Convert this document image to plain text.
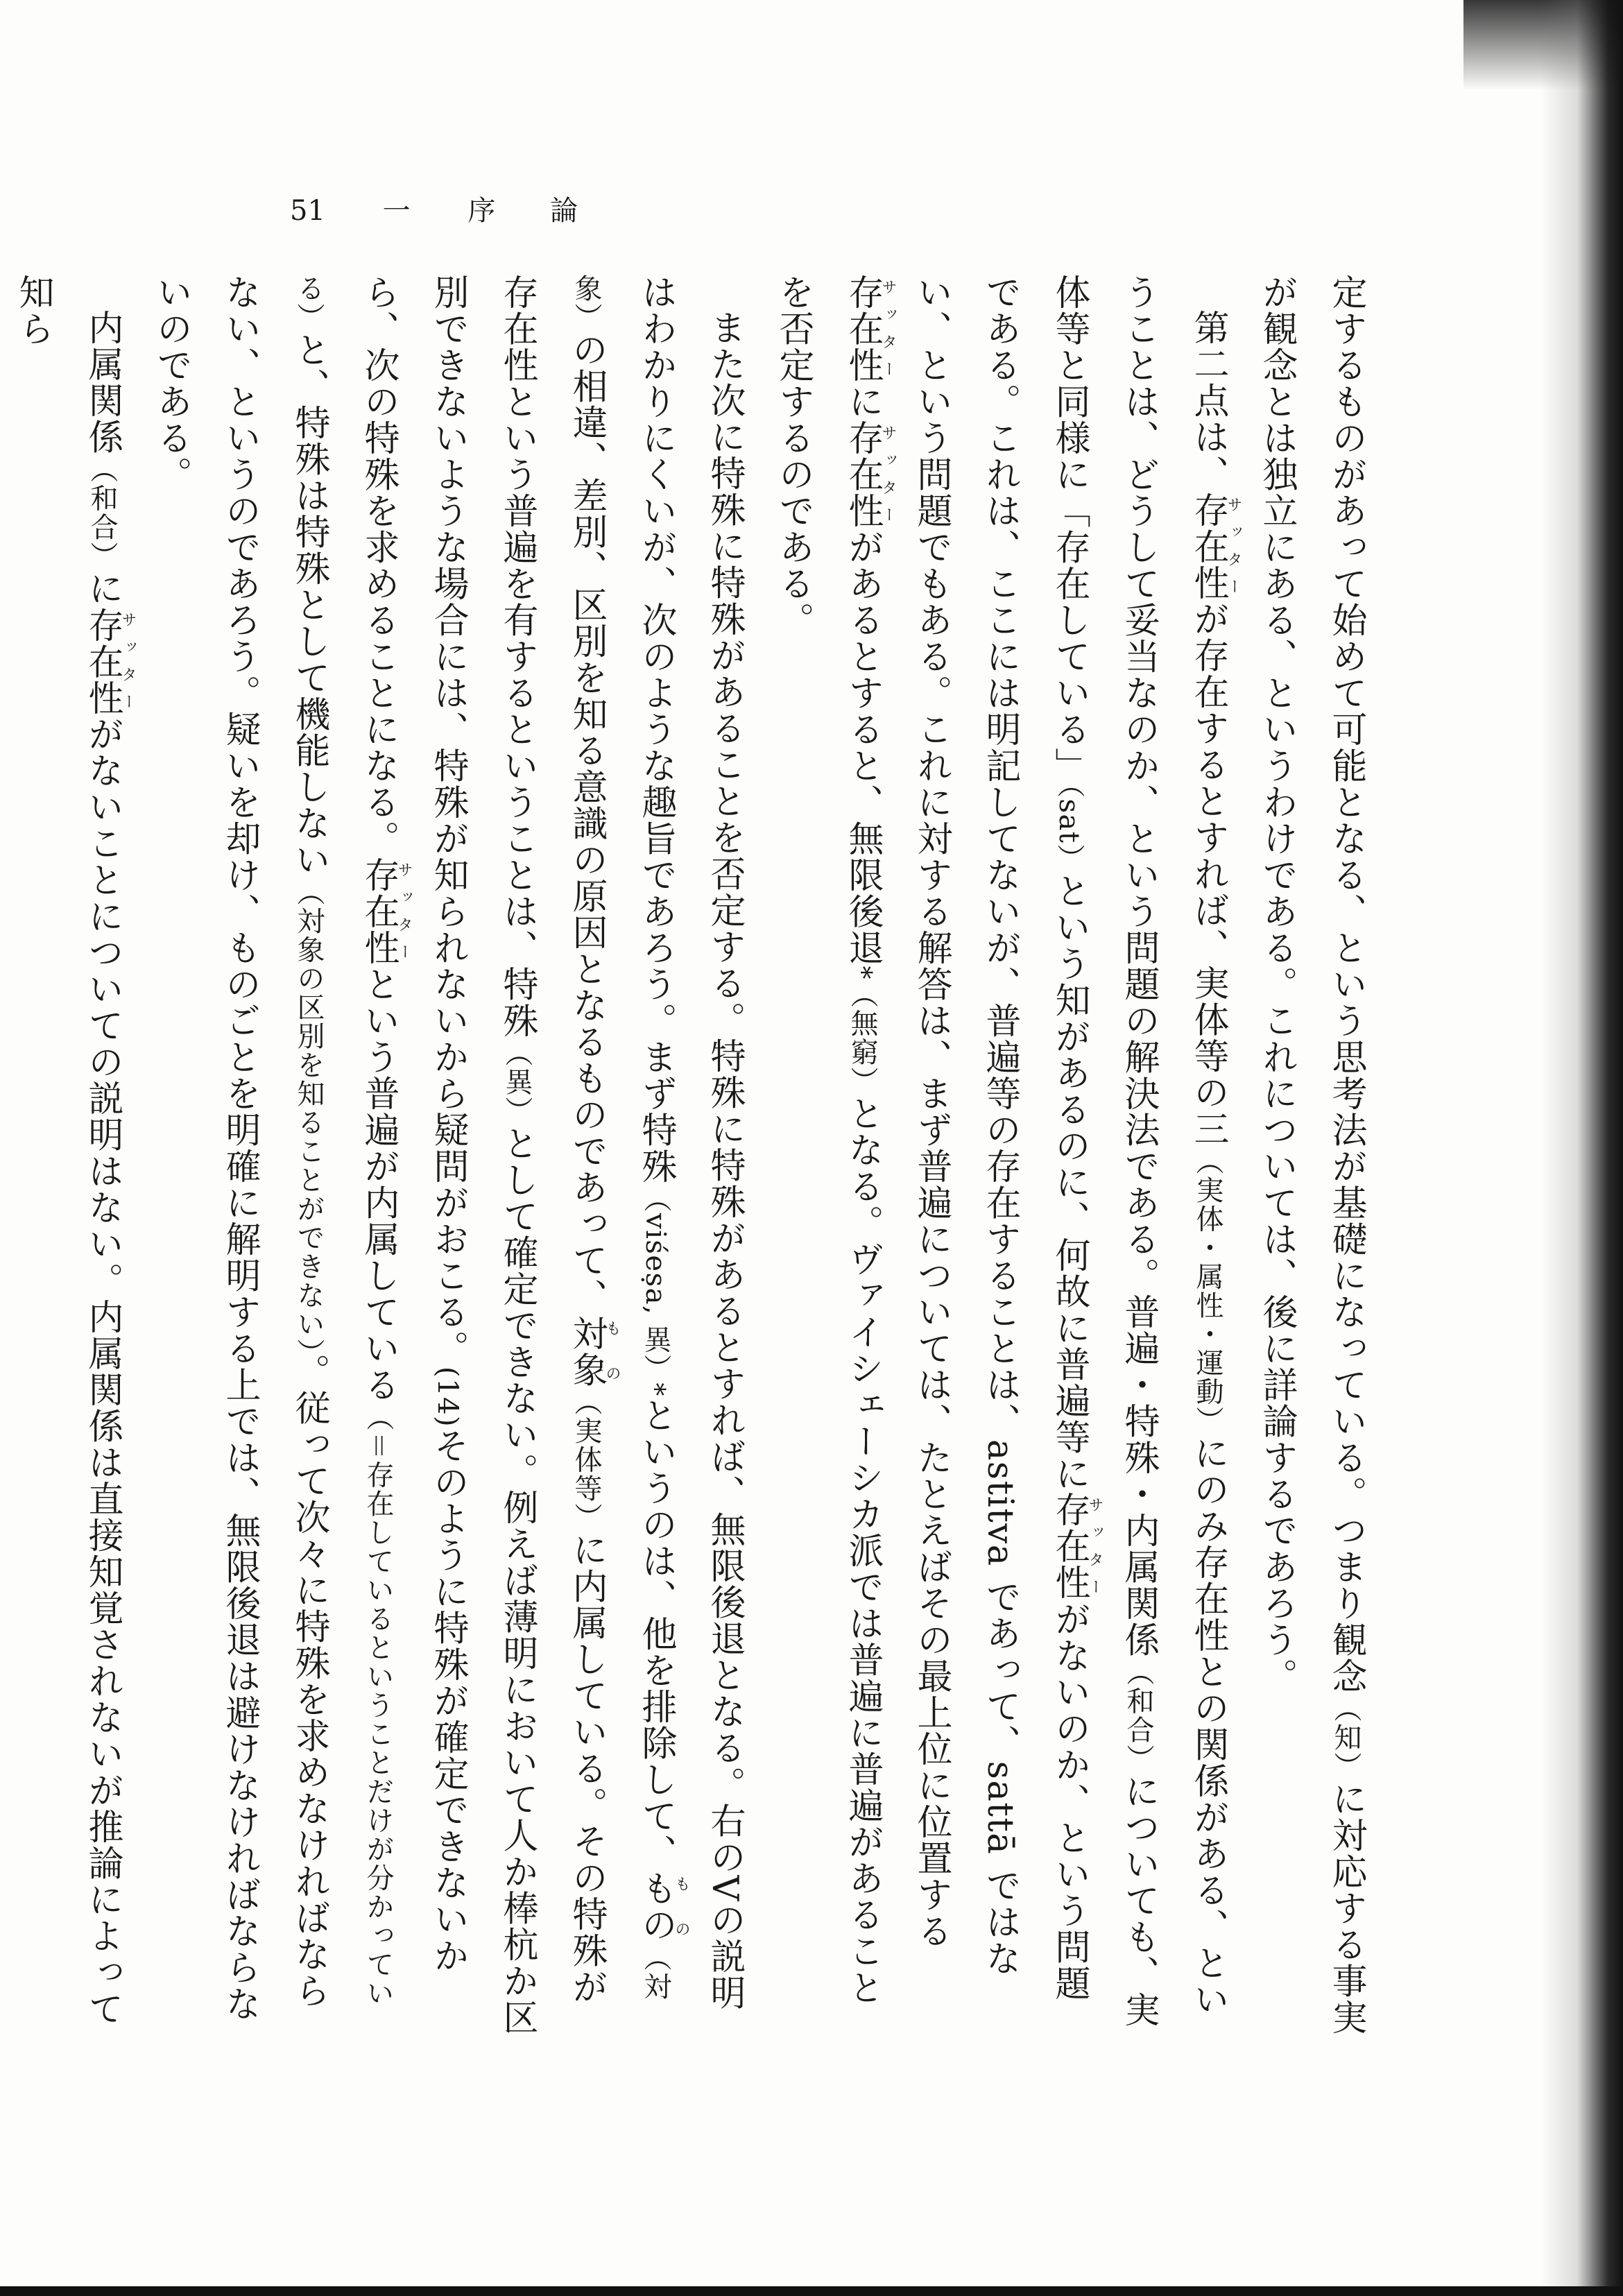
51 一 序 論

定するものがあって始めて可能となる、という思考法が基礎になっている。つまり観念（知）に対応する事実が観念とは独立にある、というわけである。これについては、後に詳論するであろう。

第二点は、存在性サッターが存在するとすれば、実体等の三（実体・属性・運動）にのみ存在性との関係がある、ということは、どうして妥当なのか、という問題の解決法である。普遍・特殊・内属関係（和合）についても、実体等と同様に「存在している」（sat）という知があるのに、何故に普遍等に存在性サッターがないのか、という問題である。これは、ここには明記してないが、普遍等の存在することは、astitva であって、sattā ではない、という問題でもある。これに対する解答は、まず普遍については、たとえばその最上位に位置する存在性サッターに存在性サッターがあるとすると、無限後退*（無窮）となる。ヴァイシェーシカ派では普遍に普遍があることを否定するのである。

また次に特殊に特殊があることを否定する。特殊に特殊があるとすれば、無限後退となる。右のVの説明はわかりにくいが、次のような趣旨であろう。まず特殊（viśeṣa, 異）*というのは、他を排除して、ものも の（対象）の相違、差別、区別を知る意識の原因となるものであって、対象も の（実体等）に内属している。その特殊が存在性という普遍を有するということは、特殊（異）として確定できない。例えば薄明において人か棒杭か区別できないような場合には、特殊が知られないから疑問がおこる。(14)そのように特殊が確定できないから、次の特殊を求めることになる。存在性サッターという普遍が内属している（＝存在しているということだけが分かっている）と、特殊は特殊として機能しない（対象の区別を知ることができない）。従って次々に特殊を求めなければならない、というのであろう。疑いを却け、ものごとを明確に解明する上では、無限後退は避けなければならないのである。

内属関係（和合）に存在性サッターがないことについての説明はない。内属関係は直接知覚されないが推論によって知ら
